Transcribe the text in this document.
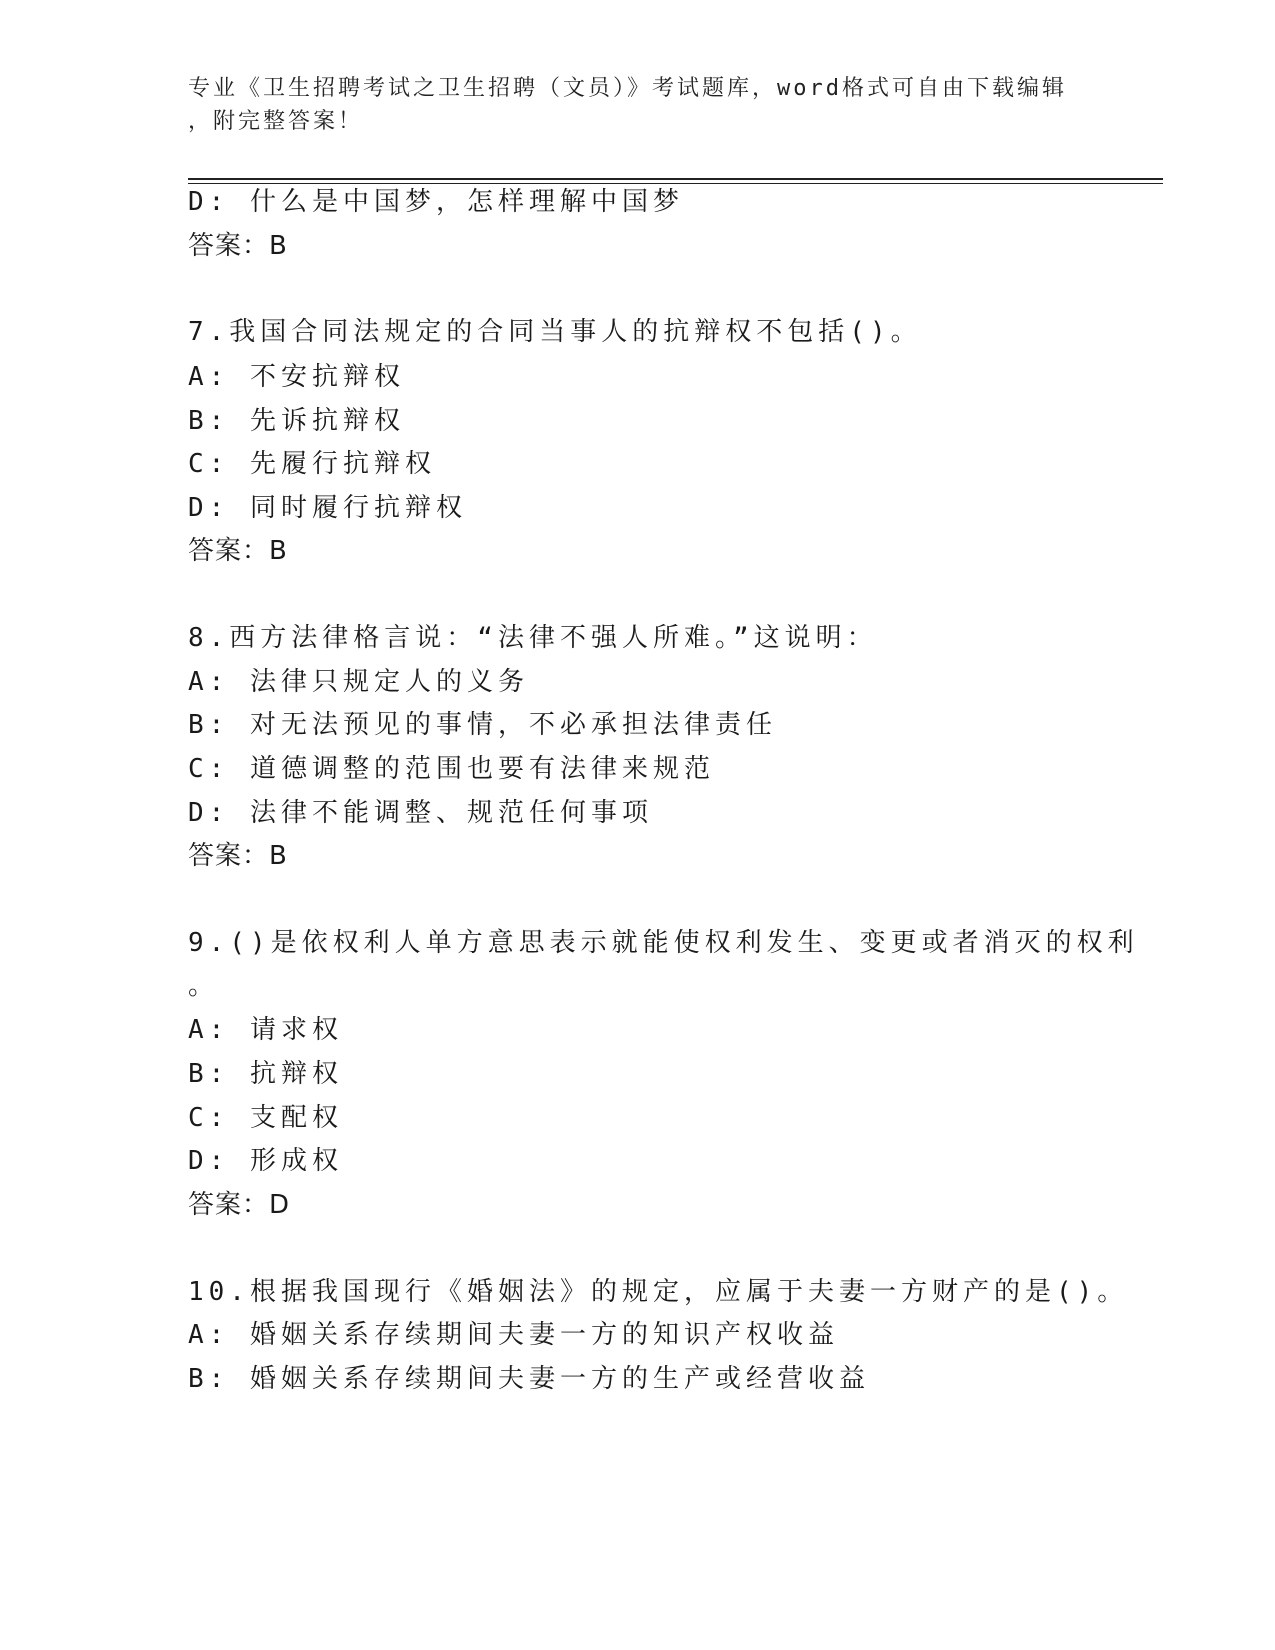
专业《卫生招聘考试之卫生招聘（文员）》考试题库，word格式可自由下载编辑
，附完整答案！
D: 什么是中国梦，怎样理解中国梦
答案：B
7.我国合同法规定的合同当事人的抗辩权不包括()。
A: 不安抗辩权
B: 先诉抗辩权
C: 先履行抗辩权
D: 同时履行抗辩权
答案：B
8.西方法律格言说：“法律不强人所难。”这说明：
A: 法律只规定人的义务
B: 对无法预见的事情，不必承担法律责任
C: 道德调整的范围也要有法律来规范
D: 法律不能调整、规范任何事项
答案：B
9.()是依权利人单方意思表示就能使权利发生、变更或者消灭的权利
。
A: 请求权
B: 抗辩权
C: 支配权
D: 形成权
答案：D
10.根据我国现行《婚姻法》的规定，应属于夫妻一方财产的是()。
A: 婚姻关系存续期间夫妻一方的知识产权收益
B: 婚姻关系存续期间夫妻一方的生产或经营收益
